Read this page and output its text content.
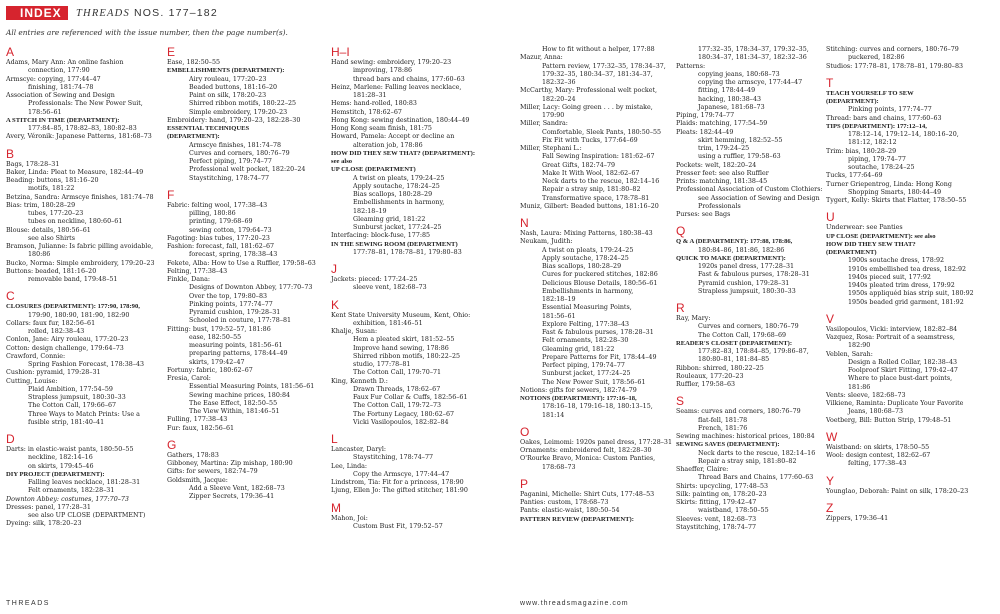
INDEX	THREADS NOS. 177–182
All entries are referenced with the issue number, then the page number(s).
A
Adams, Mary Ann: An online fashion
connection, 177:90
Armscye: copying, 177:44–47
finishing, 181:74–78
Association of Sewing and Design
Professionals: The New Power Suit,
178:56–61
A STITCH IN TIME (DEPARTMENT):
177:84–85, 178:82–83, 180:82–83
Avery, Véronik: Japanese Patterns, 181:68–73
B
Bags, 178:28–31
Baker, Linda: Pleat to Measure, 182:44–49
Beading: buttons, 181:16–20
motifs, 181:22
Betzina, Sandra: Armscye finishes, 181:74–78
Bias: trim, 180:28–29
tubes, 177:20–23
tubes on neckline, 180:60–61
Blouse: details, 180:56–61
see also Shirts
Bramson, Julianne: Is fabric pilling avoidable,
180:86
Bucko, Norma: Simple embroidery, 179:20–23
Buttons: beaded, 181:16–20
removable band, 179:48–51
C
CLOSURES (DEPARTMENT): 177:90, 178:90,
179:90, 180:90, 181:90, 182:90
Collars: faux fur, 182:56–61
rolled, 182:38–43
Conlon, Jane: Airy rouleau, 177:20–23
Cotton: design challenge, 179:64–73
Crawford, Connie:
Spring Fashion Forecast, 178:38–43
Cushion: pyramid, 179:28–31
Cutting, Louise:
Plaid Ambition, 177:54–59
Strapless jumpsuit, 180:30–33
The Cotton Call, 179:66–67
Three Ways to Match Prints: Use a
fusible strip, 181:40–41
D
Darts: in elastic-waist pants, 180:50–55
neckline, 182:14–16
on skirts, 179:45–46
DIY PROJECT (DEPARTMENT):
Falling leaves necklace, 181:28–31
Felt ornaments, 182:28–31
Downton Abbey: costumes, 177:70–73
Dresses: panel, 177:28–31
see also UP CLOSE (DEPARTMENT)
Dyeing: silk, 178:20–23
E
Ease, 182:50–55
EMBELLISHMENTS (DEPARTMENT):
Airy rouleau, 177:20–23
Beaded buttons, 181:16–20
Paint on silk, 178:20–23
Shirred ribbon motifs, 180:22–25
Simple embroidery, 179:20–23
Embroidery: hand, 179:20–23, 182:28–30
ESSENTIAL TECHNIQUES
(DEPARTMENT):
Armscye finishes, 181:74–78
Curves and corners, 180:76–79
Perfect piping, 179:74–77
Professional welt pocket, 182:20–24
Staystitching, 178:74–77
F
Fabric: felting wool, 177:38–43
pilling, 180:86
printing, 179:68–69
sewing cotton, 179:64–73
Fagoting: bias tubes, 177:20–23
Fashion: forecast, fall, 181:62–67
forecast, spring, 178:38–43
Fekete, Alba: How to Use a Ruffler, 179:58–63
Felting, 177:38–43
Finkle, Dana:
Designs of Downton Abbey, 177:70–73
Over the top, 179:80–83
Pinking points, 177:74–77
Pyramid cushion, 179:28–31
Schooled in couture, 177:78–81
Fitting: bust, 179:52–57, 181:86
ease, 182:50–55
measuring points, 181:56–61
preparing patterns, 178:44–49
skirts, 179:42–47
Fortuny: fabric, 180:62–67
Fresia, Carol:
Essential Measuring Points, 181:56–61
Sewing machine prices, 180:84
The Ease Effect, 182:50–55
The View Within, 181:46–51
Fulling, 177:38–43
Fur: faux, 182:56–61
G
Gathers, 178:83
Gibboney, Martina: Zip mishap, 180:90
Gifts: for sewers, 182:74–79
Goldsmith, Jacque:
Add a Sleeve Vent, 182:68–73
Zipper Secrets, 179:36–41
H–I
Hand sewing: embroidery, 179:20–23
improving, 178:86
thread bars and chains, 177:60–63
Heinz, Marlene: Falling leaves necklace,
181:28–31
Hems: hand-rolled, 180:83
Hemstitch, 178:62–67
Hong Kong: sewing destination, 180:44–49
Hong Kong seam finish, 181:75
Howard, Pamela: Accept or decline an
alteration job, 178:86
HOW DID THEY SEW THAT? (DEPARTMENT): see also
UP CLOSE (DEPARTMENT)
A twist on pleats, 179:24–25
Apply soutache, 178:24–25
Bias scallops, 180:28–29
Embellishments in harmony,
182:18–19
Gleaming grid, 181:22
Sunburst jacket, 177:24–25
Interfacing: block-fuse, 177:85
IN THE SEWING ROOM (DEPARTMENT)
177:78–81, 178:78–81, 179:80–83
J
Jackets: pieced: 177:24–25
sleeve vent, 182:68–73
K
Kent State University Museum, Kent, Ohio:
exhibition, 181:46–51
Khalje, Susan:
Hem a pleated skirt, 181:52–55
Improve hand sewing, 178:86
Shirred ribbon motifs, 180:22–25
studio, 177:78–81
The Cotton Call, 179:70–71
King, Kenneth D.:
Drawn Threads, 178:62–67
Faux Fur Collar & Cuffs, 182:56–61
The Cotton Call, 179:72–73
The Fortuny Legacy, 180:62–67
Vicki Vasilopoulos, 182:82–84
L
Lancaster, Daryl:
Staystitching, 178:74–77
Lee, Linda:
Copy the Armscye, 177:44–47
Lindstrom, Tia: Fit for a princess, 178:90
Ljung, Ellen Jo: The gifted stitcher, 181:90
M
Mahon, Joi:
Custom Bust Fit, 179:52–57
How to fit without a helper, 177:88
Mazur, Anna:
Pattern review, 177:32–35, 178:34–37,
179:32–35, 180:34–37, 181:34–37,
182:32–36
McCarthy, Mary: Professional welt pocket,
182:20–24
Miller, Lacy: Going green . . . by mistake,
179:90
Miller, Sandra:
Comfortable, Sleek Pants, 180:50–55
Fix Fit with Tucks, 177:64–69
Miller, Stephani L.:
Fall Sewing Inspiration: 181:62–67
Great Gifts, 182:74–79
Make It With Wool, 182:62–67
Neck darts to the rescue, 182:14–16
Repair a stray snip, 181:80–82
Transformative space, 178:78–81
Muniz, Gilbert: Beaded buttons, 181:16–20
N
Nash, Laura: Mixing Patterns, 180:38–43
Neukam, Judith:
A twist on pleats, 179:24–25
Apply soutache, 178:24–25
Bias scallops, 180:28–29
Cures for puckered stitches, 182:86
Delicious Blouse Details, 180:56–61
Embellishments in harmony,
182:18–19
Essential Measuring Points,
181:56–61
Explore Felting, 177:38–43
Fast & fabulous purses, 178:28–31
Felt ornaments, 182:28–30
Gleaming grid, 181:22
Prepare Patterns for Fit, 178:44–49
Perfect piping, 179:74–77
Sunburst jacket, 177:24–25
The New Power Suit, 178:56–61
Notions: gifts for sewers, 182:74–79
NOTIONS (DEPARTMENT): 177:16–18,
178:16–18, 179:16–18, 180:13–15, 181:14
O
Oakes, Leimomi: 1920s panel dress, 177:28–31
Ornaments: embroidered felt, 182:28–30
O'Rourke Bravo, Monica: Custom Panties,
178:68–73
P
Paganini, Michelle: Shirt Cuts, 177:48–53
Panties: custom, 178:68–73
Pants: elastic-waist, 180:50–54
PATTERN REVIEW (DEPARTMENT):
177:32–35, 178:34–37, 179:32–35,
180:34–37, 181:34–37, 182:32–36
Patterns:
copying jeans, 180:68–73
copying the armscye, 177:44–47
fitting, 178:44–49
hacking, 180:38–43
Japanese, 181:68–73
Piping, 179:74–77
Plaids: matching, 177:54–59
Pleats: 182:44–49
skirt hemming, 182:52–55
trim, 179:24–25
using a ruffler, 179:58–63
Pockets: welt, 182:20–24
Presser feet: see also Ruffler
Prints: matching, 181:38–45
Professional Association of Custom Clothiers:
see Association of Sewing and Design
Professionals
Purses: see Bags
Q
Q & A (DEPARTMENT): 177:88, 178:86,
180:84–86, 181:86, 182:86
QUICK TO MAKE (DEPARTMENT):
1920s panel dress, 177:28–31
Fast & fabulous purses, 178:28–31
Pyramid cushion, 179:28–31
Strapless jumpsuit, 180:30–33
R
Ray, Mary:
Curves and corners, 180:76–79
The Cotton Call, 179:68–69
READER'S CLOSET (DEPARTMENT):
177:82–83, 178:84–85, 179:86–87,
180:80–81, 181:84–85
Ribbon: shirred, 180:22–25
Rouleaux, 177:20–23
Ruffler, 179:58–63
S
Seams: curves and corners, 180:76–79
flat-fell, 181:78
French, 181:76
Sewing machines: historical prices, 180:84
SEWING SAVES (DEPARTMENT):
Neck darts to the rescue, 182:14–16
Repair a stray snip, 181:80–82
Shaeffer, Claire:
Thread Bars and Chains, 177:60–63
Shirts: upcycling, 177:48–53
Silk: painting on, 178:20–23
Skirts: fitting, 179:42–47
waistband, 178:50–55
Sleeves: vent, 182:68–73
Staystitching, 178:74–77
Stitching: curves and corners, 180:76–79
puckered, 182:86
Studios: 177:78–81, 178:78–81, 179:80–83
T
TEACH YOURSELF TO SEW
(DEPARTMENT):
Pinking points, 177:74–77
Thread: bars and chains, 177:60–63
TIPS (DEPARTMENT): 177:12–14,
178:12–14, 179:12–14, 180:16–20,
181:12, 182:12
Trim: bias, 180:28–29
piping, 179:74–77
soutache, 178:24–25
Tucks, 177:64–69
Turner Griepentrog, Linda: Hong Kong
Shopping Smarts, 180:44–49
Tygert, Kelly: Skirts that Flatter, 178:50–55
U
Underwear: see Panties
UP CLOSE (DEPARTMENT): see also
HOW DID THEY SEW THAT?
(DEPARTMENT)
1900s soutache dress, 178:92
1910s embellished tea dress, 182:92
1940s pieced suit, 177:92
1940s pleated trim dress, 179:92
1950s appliquéd bias strip suit, 180:92
1950s beaded grid garment, 181:92
V
Vasilopoulos, Vicki: interview, 182:82–84
Vazquez, Rosa: Portrait of a seamstress,
182:90
Veblen, Sarah:
Design a Rolled Collar, 182:38–43
Foolproof Skirt Fitting, 179:42–47
Where to place bust-dart points,
181:86
Vents: sleeve, 182:68–73
Vilkiene, Raminta: Duplicate Your Favorite
Jeans, 180:68–73
Voetberg, Bill: Button Strip, 179:48–51
W
Waistband: on skirts, 178:50–55
Wool: design contest, 182:62–67
felting, 177:38–43
Y
Younglao, Deborah: Paint on silk, 178:20–23
Z
Zippers, 179:36–41
THREADS	www.threadsmagazine.com
